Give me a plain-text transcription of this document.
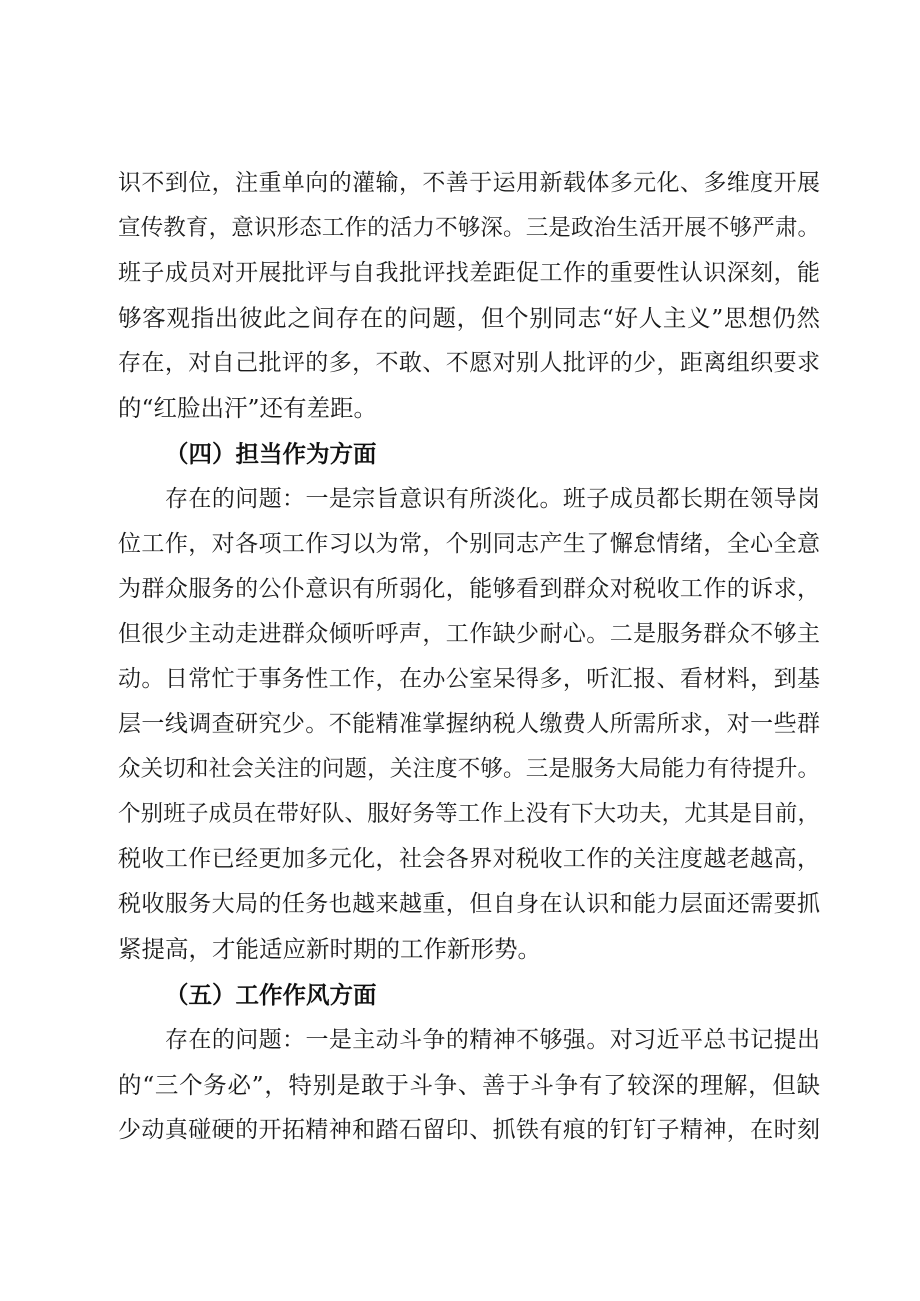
识不到位，注重单向的灌输，不善于运用新载体多元化、多维度开展
宣传教育，意识形态工作的活力不够深。三是政治生活开展不够严肃。
班子成员对开展批评与自我批评找差距促工作的重要性认识深刻，能
够客观指出彼此之间存在的问题，但个别同志“好人主义”思想仍然
存在，对自己批评的多，不敢、不愿对别人批评的少，距离组织要求
的“红脸出汗”还有差距。
（四）担当作为方面
存在的问题：一是宗旨意识有所淡化。班子成员都长期在领导岗
位工作，对各项工作习以为常，个别同志产生了懈怠情绪，全心全意
为群众服务的公仆意识有所弱化，能够看到群众对税收工作的诉求，
但很少主动走进群众倾听呼声，工作缺少耐心。二是服务群众不够主
动。日常忙于事务性工作，在办公室呆得多，听汇报、看材料，到基
层一线调查研究少。不能精准掌握纳税人缴费人所需所求，对一些群
众关切和社会关注的问题，关注度不够。三是服务大局能力有待提升。
个别班子成员在带好队、服好务等工作上没有下大功夫，尤其是目前，
税收工作已经更加多元化，社会各界对税收工作的关注度越老越高，
税收服务大局的任务也越来越重，但自身在认识和能力层面还需要抓
紧提高，才能适应新时期的工作新形势。
（五）工作作风方面
存在的问题：一是主动斗争的精神不够强。对习近平总书记提出
的“三个务必”，特别是敢于斗争、善于斗争有了较深的理解，但缺
少动真碰硬的开拓精神和踏石留印、抓铁有痕的钉钉子精神，在时刻
